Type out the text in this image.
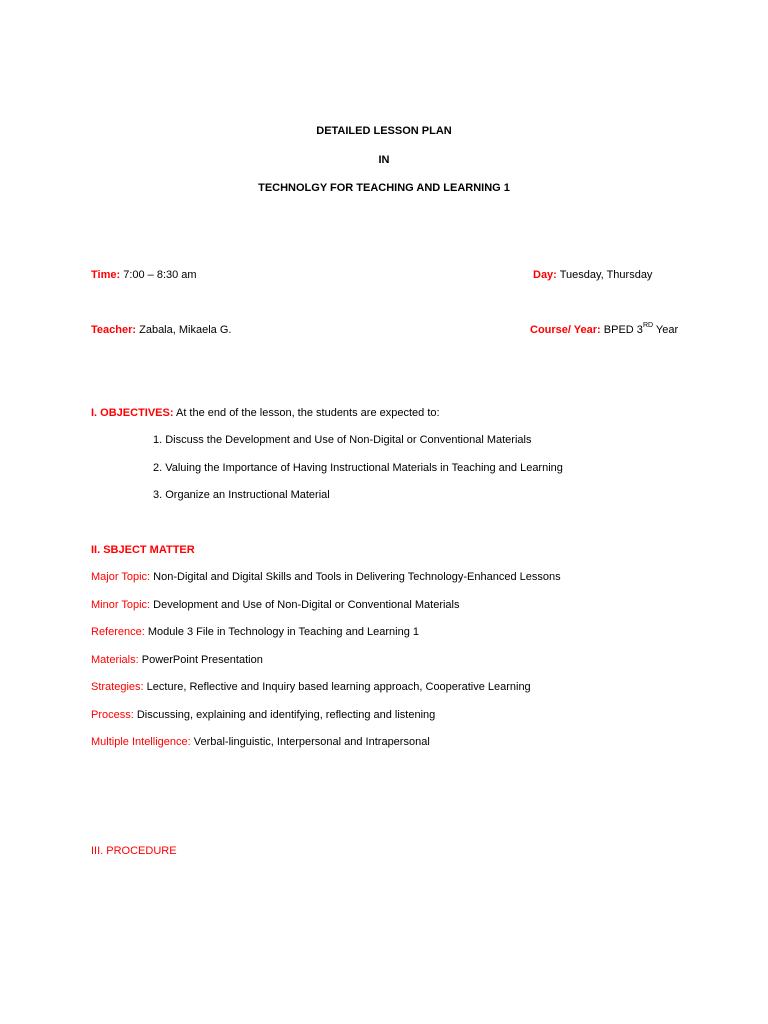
DETAILED LESSON PLAN
IN
TECHNOLGY FOR TEACHING AND LEARNING 1
Time: 7:00 – 8:30 am	Day: Tuesday, Thursday
Teacher: Zabala, Mikaela G.	Course/ Year: BPED 3RD Year
I. OBJECTIVES: At the end of the lesson, the students are expected to:
1. Discuss the Development and Use of Non-Digital or Conventional Materials
2. Valuing the Importance of Having Instructional Materials in Teaching and Learning
3. Organize an Instructional Material
II. SBJECT MATTER
Major Topic: Non-Digital and Digital Skills and Tools in Delivering Technology-Enhanced Lessons
Minor Topic: Development and Use of Non-Digital or Conventional Materials
Reference: Module 3 File in Technology in Teaching and Learning 1
Materials: PowerPoint Presentation
Strategies: Lecture, Reflective and Inquiry based learning approach, Cooperative Learning
Process: Discussing, explaining and identifying, reflecting and listening
Multiple Intelligence: Verbal-linguistic, Interpersonal and Intrapersonal
III. PROCEDURE
